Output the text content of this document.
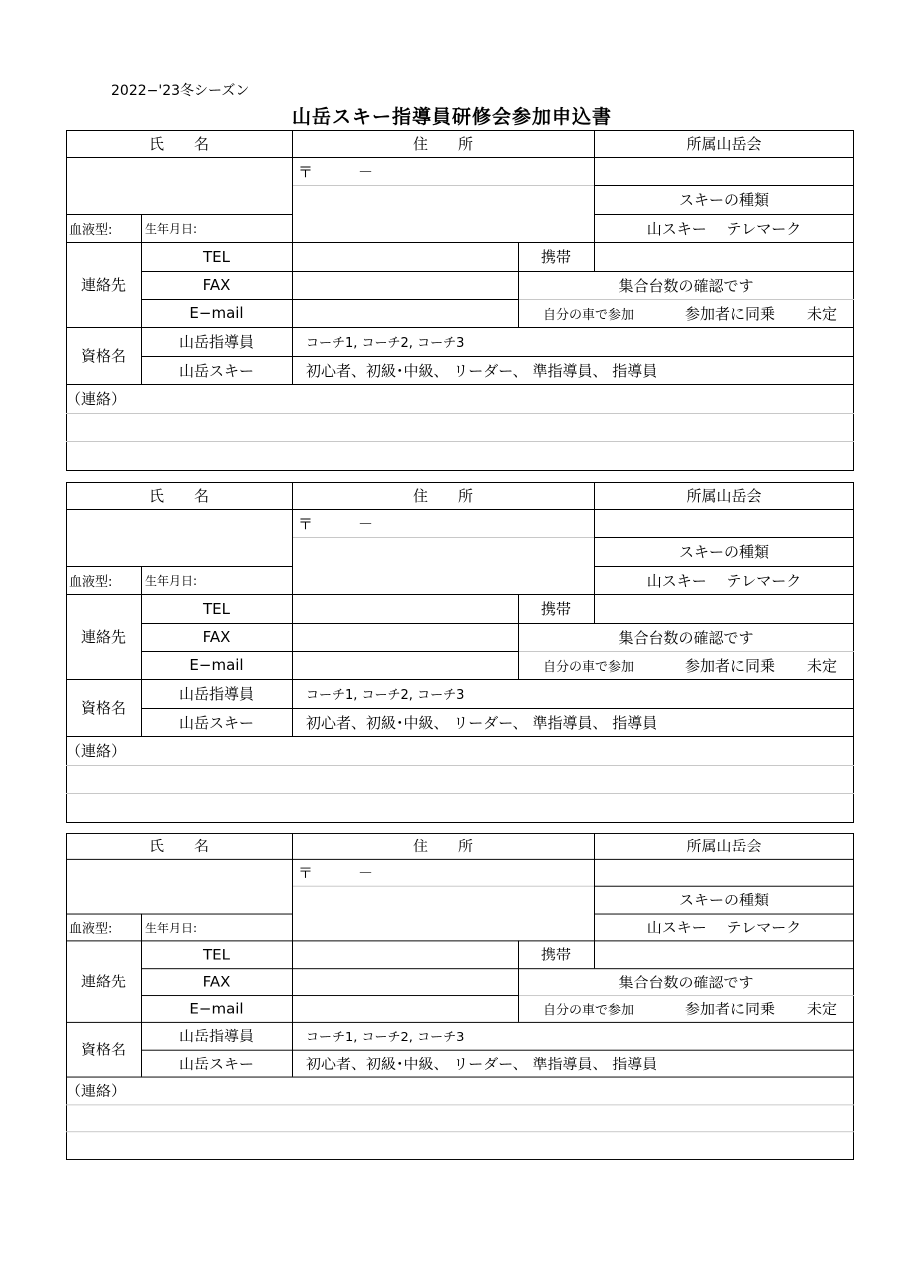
2022−'23冬シーズン
山岳スキー指導員研修会参加申込書
氏　　名	住　　所	所属山岳会
〒　　　－
スキーの種類
山スキー　 テレマーク
血液型:	生年月日:
連絡先
TEL	携帯
FAX	集合台数の確認です
E−mail	自分の車で参加	参加者に同乗	未定
資格名
山岳指導員	コーチ1, コーチ2, コーチ3
山岳スキー	初心者、初級･中級、 リーダー、 準指導員、 指導員
（連絡）
氏　　名	住　　所	所属山岳会
〒　　　－
スキーの種類
山スキー　 テレマーク
血液型:	生年月日:
連絡先
TEL	携帯
FAX	集合台数の確認です
E−mail	自分の車で参加	参加者に同乗	未定
資格名
山岳指導員	コーチ1, コーチ2, コーチ3
山岳スキー	初心者、初級･中級、 リーダー、 準指導員、 指導員
（連絡）
氏　　名	住　　所	所属山岳会
〒　　　－
スキーの種類
山スキー　 テレマーク
血液型:	生年月日:
連絡先
TEL	携帯
FAX	集合台数の確認です
E−mail	自分の車で参加	参加者に同乗	未定
資格名
山岳指導員	コーチ1, コーチ2, コーチ3
山岳スキー	初心者、初級･中級、 リーダー、 準指導員、 指導員
（連絡）
